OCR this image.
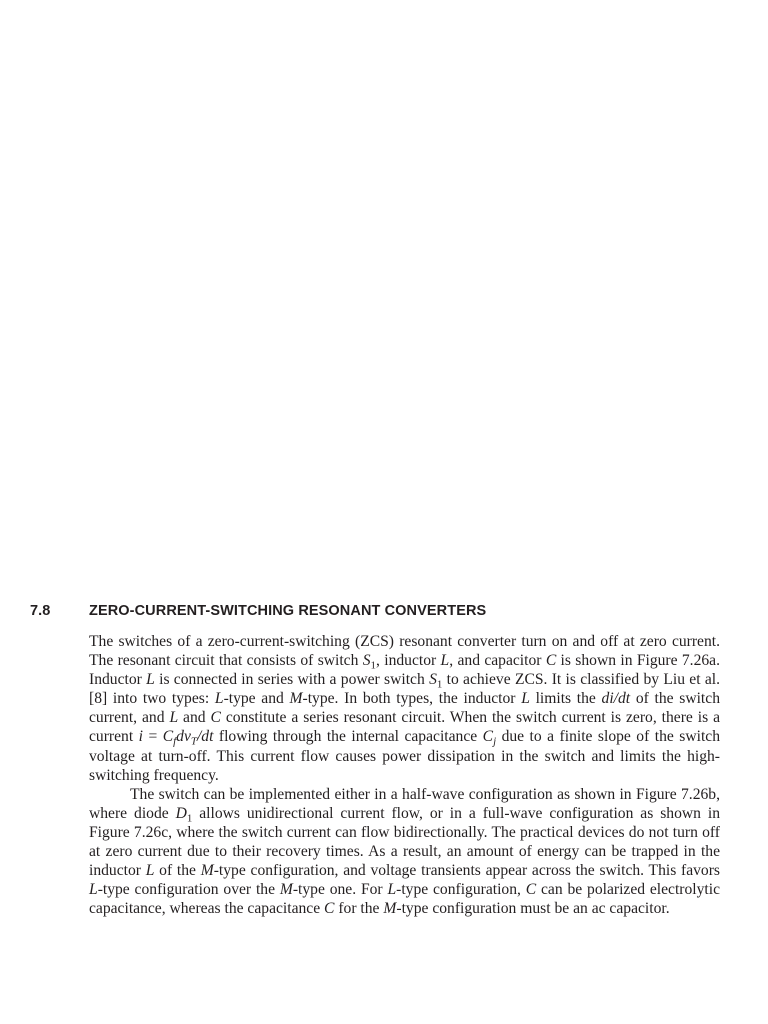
7.8	ZERO-CURRENT-SWITCHING RESONANT CONVERTERS

The switches of a zero-current-switching (ZCS) resonant converter turn on and off at zero current. The resonant circuit that consists of switch $S_1$, inductor L, and capacitor C is shown in Figure 7.26a. Inductor L is connected in series with a power switch $S_1$ to achieve ZCS. It is classified by Liu et al. [8] into two types: L-type and M-type. In both types, the inductor L limits the di/dt of the switch current, and L and C constitute a series resonant circuit. When the switch current is zero, there is a current $i = C_fdv_T/dt$ flowing through the internal capacitance $C_j$ due to a finite slope of the switch voltage at turn-off. This current flow causes power dissipation in the switch and limits the high-switching frequency.

The switch can be implemented either in a half-wave configuration as shown in Figure 7.26b, where diode $D_1$ allows unidirectional current flow, or in a full-wave configuration as shown in Figure 7.26c, where the switch current can flow bidirectionally. The practical devices do not turn off at zero current due to their recovery times. As a result, an amount of energy can be trapped in the inductor L of the M-type configuration, and voltage transients appear across the switch. This favors L-type configuration over the M-type one. For L-type configuration, C can be polarized electrolytic capacitance, whereas the capacitance C for the M-type configuration must be an ac capacitor.
